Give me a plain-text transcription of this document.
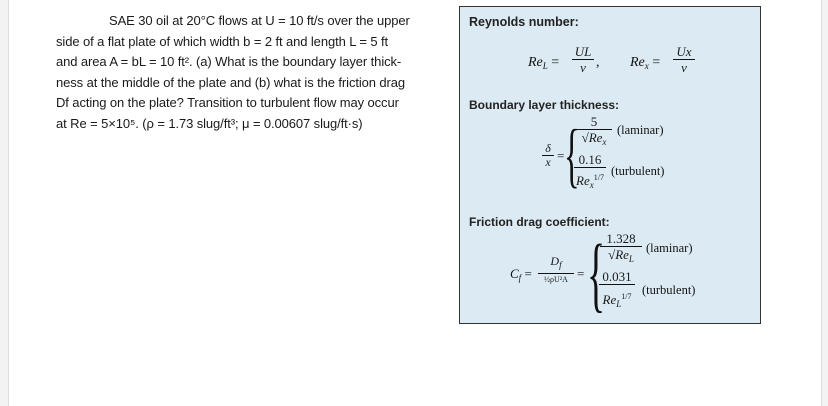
SAE 30 oil at 20°C flows at U = 10 ft/s over the upper
side of a flat plate of which width b = 2 ft and length L = 5 ft
and area A = bL = 10 ft². (a) What is the boundary layer thick-
ness at the middle of the plate and (b) what is the friction drag
Df acting on the plate? Transition to turbulent flow may occur
at Re = 5×10⁵. (ρ = 1.73 slug/ft³; μ = 0.00607 slug/ft·s)
Reynolds number:
$Re_L$ =
UL
ν , $Re_x$ =
Ux
ν
Boundary layer thickness:
δ
x = { 5
$√Re_x$
(laminar)
0.16
$Re_x^{1/7}$ (turbulent)
Friction drag coefficient:
$C_f$ =
$D_f$
½ρU²A = { 1.328
$√Re_L$
(laminar)
0.031
$Re_L^{1/7}$ (turbulent)
